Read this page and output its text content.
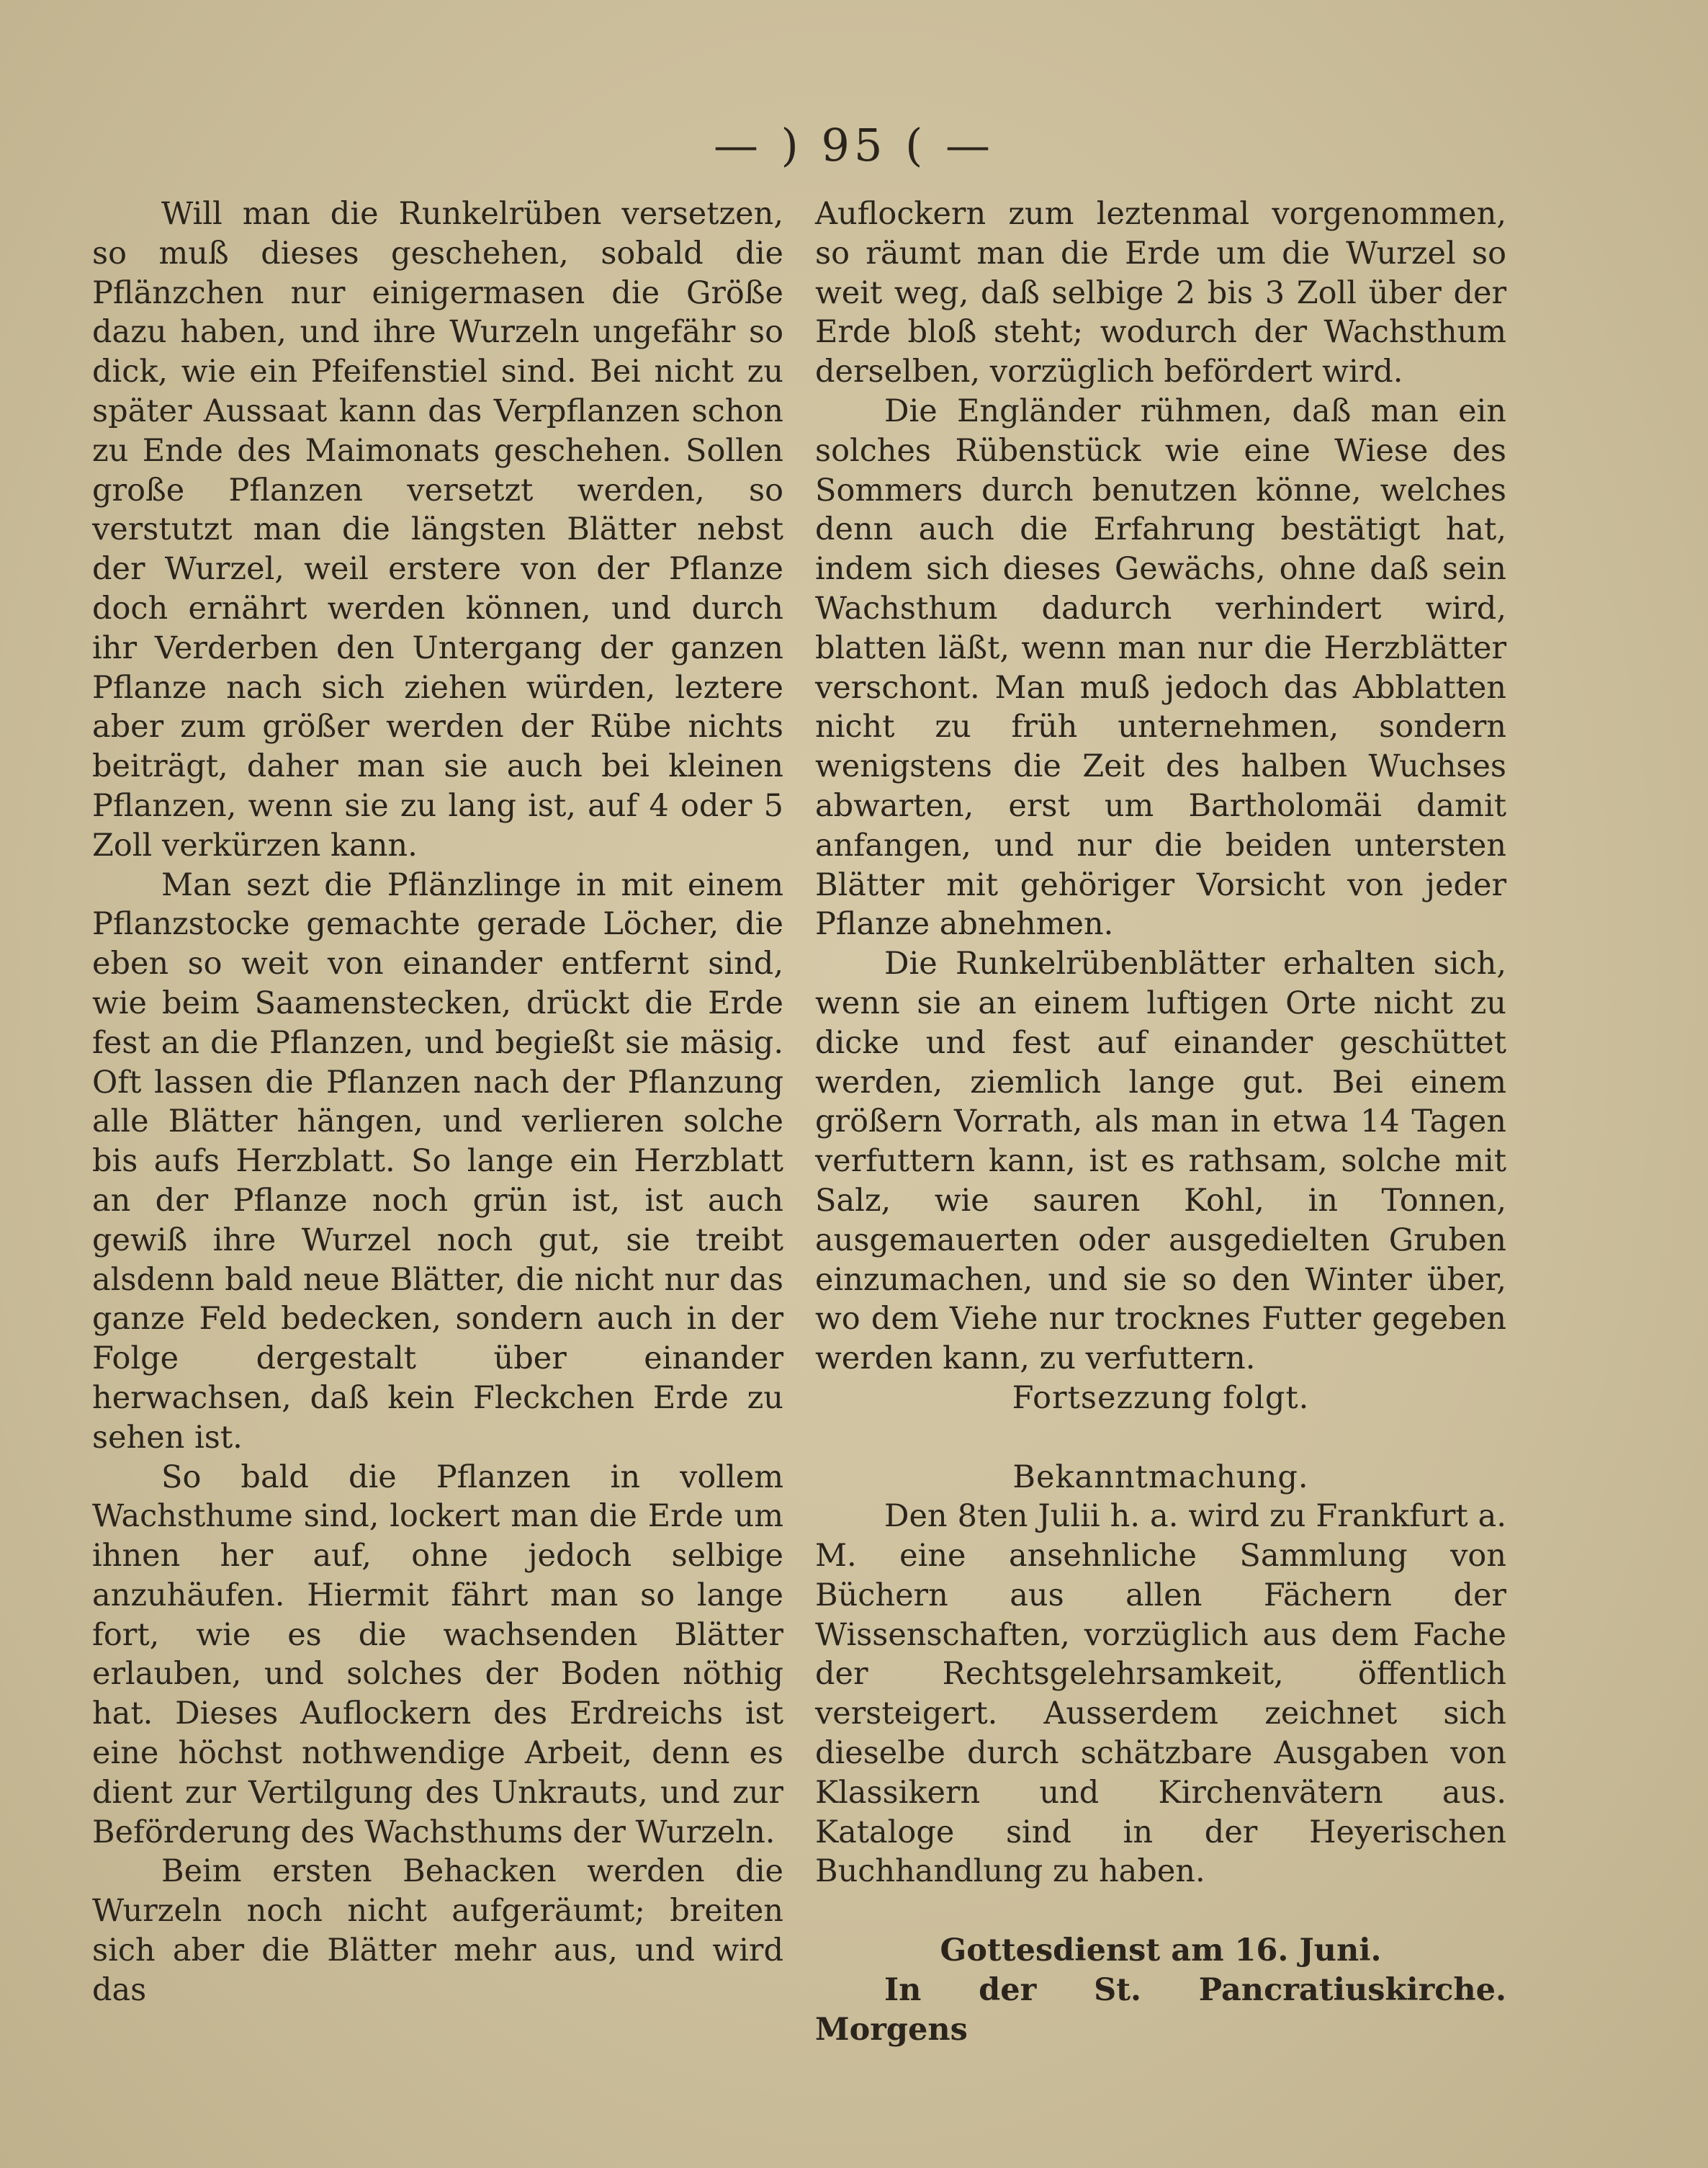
— ) 95 ( —

Will man die Runkelrüben versetzen, so muß dieses geschehen, sobald die Pflänzchen nur einigermasen die Größe dazu haben, und ihre Wurzeln ungefähr so dick, wie ein Pfeifenstiel sind. Bei nicht zu später Aussaat kann das Verpflanzen schon zu Ende des Maimonats geschehen. Sollen große Pflanzen versetzt werden, so verstutzt man die längsten Blätter nebst der Wurzel, weil erstere von der Pflanze doch ernährt werden können, und durch ihr Verderben den Untergang der ganzen Pflanze nach sich ziehen würden, leztere aber zum größer werden der Rübe nichts beiträgt, daher man sie auch bei kleinen Pflanzen, wenn sie zu lang ist, auf 4 oder 5 Zoll verkürzen kann.

Man sezt die Pflänzlinge in mit einem Pflanzstocke gemachte gerade Löcher, die eben so weit von einander entfernt sind, wie beim Saamenstecken, drückt die Erde fest an die Pflanzen, und begießt sie mäsig. Oft lassen die Pflanzen nach der Pflanzung alle Blätter hängen, und verlieren solche bis aufs Herzblatt. So lange ein Herzblatt an der Pflanze noch grün ist, ist auch gewiß ihre Wurzel noch gut, sie treibt alsdenn bald neue Blätter, die nicht nur das ganze Feld bedecken, sondern auch in der Folge dergestalt über einander herwachsen, daß kein Fleckchen Erde zu sehen ist.

So bald die Pflanzen in vollem Wachsthume sind, lockert man die Erde um ihnen her auf, ohne jedoch selbige anzuhäufen. Hiermit fährt man so lange fort, wie es die wachsenden Blätter erlauben, und solches der Boden nöthig hat. Dieses Auflockern des Erdreichs ist eine höchst nothwendige Arbeit, denn es dient zur Vertilgung des Unkrauts, und zur Beförderung des Wachsthums der Wurzeln.

Beim ersten Behacken werden die Wurzeln noch nicht aufgeräumt; breiten sich aber die Blätter mehr aus, und wird das

Auflockern zum leztenmal vorgenommen, so räumt man die Erde um die Wurzel so weit weg, daß selbige 2 bis 3 Zoll über der Erde bloß steht; wodurch der Wachsthum derselben, vorzüglich befördert wird.

Die Engländer rühmen, daß man ein solches Rübenstück wie eine Wiese des Sommers durch benutzen könne, welches denn auch die Erfahrung bestätigt hat, indem sich dieses Gewächs, ohne daß sein Wachsthum dadurch verhindert wird, blatten läßt, wenn man nur die Herzblätter verschont. Man muß jedoch das Abblatten nicht zu früh unternehmen, sondern wenigstens die Zeit des halben Wuchses abwarten, erst um Bartholomäi damit anfangen, und nur die beiden untersten Blätter mit gehöriger Vorsicht von jeder Pflanze abnehmen.

Die Runkelrübenblätter erhalten sich, wenn sie an einem luftigen Orte nicht zu dicke und fest auf einander geschüttet werden, ziemlich lange gut. Bei einem größern Vorrath, als man in etwa 14 Tagen verfuttern kann, ist es rathsam, solche mit Salz, wie sauren Kohl, in Tonnen, ausgemauerten oder ausgedielten Gruben einzumachen, und sie so den Winter über, wo dem Viehe nur trocknes Futter gegeben werden kann, zu verfuttern.

Fortsezzung folgt.

Bekanntmachung.

Den 8ten Julii h. a. wird zu Frankfurt a. M. eine ansehnliche Sammlung von Büchern aus allen Fächern der Wissenschaften, vorzüglich aus dem Fache der Rechtsgelehrsamkeit, öffentlich versteigert. Ausserdem zeichnet sich dieselbe durch schätzbare Ausgaben von Klassikern und Kirchenvätern aus. Kataloge sind in der Heyerischen Buchhandlung zu haben.

Gottesdienst am 16. Juni.

In der St. Pancratiuskirche. Morgens
